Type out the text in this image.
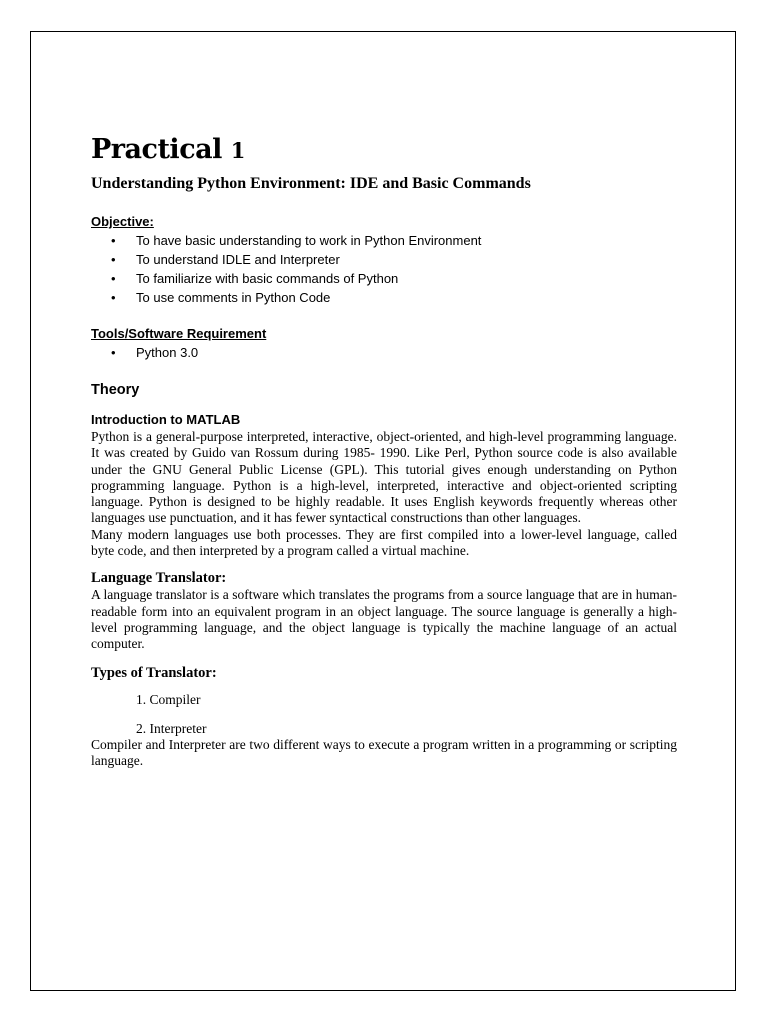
Practical 1
Understanding Python Environment: IDE and Basic Commands
Objective:
• To have basic understanding to work in Python Environment
• To understand IDLE and Interpreter
• To familiarize with basic commands of Python
• To use comments in Python Code
Tools/Software Requirement
• Python 3.0
Theory
Introduction to MATLAB

Python is a general-purpose interpreted, interactive, object-oriented, and high-level programming language. It was created by Guido van Rossum during 1985- 1990. Like Perl, Python source code is also available under the GNU General Public License (GPL). This tutorial gives enough understanding on Python programming language. Python is a high-level, interpreted, interactive and object-oriented scripting language. Python is designed to be highly readable. It uses English keywords frequently whereas other languages use punctuation, and it has fewer syntactical constructions than other languages.

Many modern languages use both processes. They are first compiled into a lower-level language, called byte code, and then interpreted by a program called a virtual machine.

Language Translator:

A language translator is a software which translates the programs from a source language that are in human-readable form into an equivalent program in an object language. The source language is generally a high-level programming language, and the object language is typically the machine language of an actual computer.

Types of Translator:
1. Compiler
2. Interpreter

Compiler and Interpreter are two different ways to execute a program written in a programming or scripting language.
